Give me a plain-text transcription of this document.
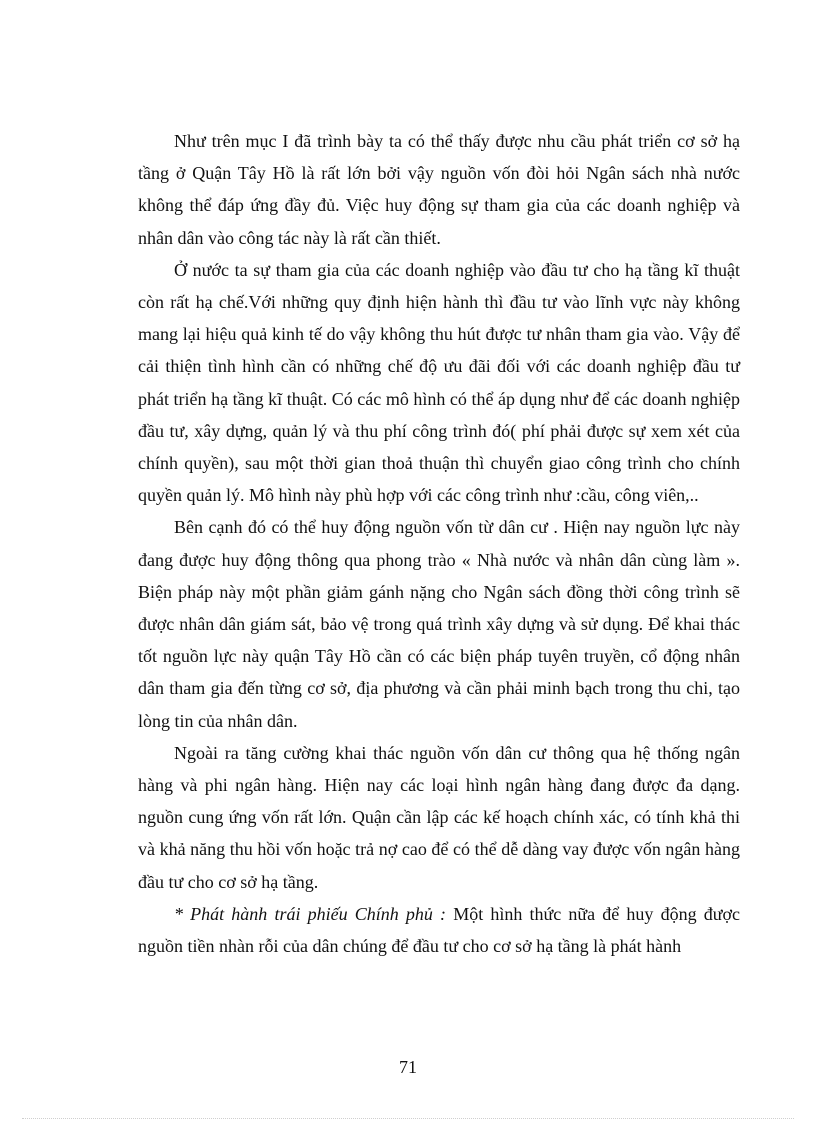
Như trên mục I đã trình bày ta có thể thấy được nhu cầu phát triển cơ sở hạ tầng ở Quận Tây Hồ là rất lớn bởi vậy nguồn vốn đòi hỏi Ngân sách nhà nước không thể đáp ứng đầy đủ. Việc huy động sự tham gia của các doanh nghiệp và nhân dân vào công tác này là rất cần thiết.

Ở nước ta sự tham gia của các doanh nghiệp vào đầu tư cho hạ tầng kĩ thuật còn rất hạ chế.Với những quy định hiện hành thì đầu tư vào lĩnh vực này không mang lại hiệu quả kinh tế do vậy không thu hút được tư nhân tham gia vào. Vậy để cải thiện tình hình cần có những chế độ ưu đãi đối với các doanh nghiệp đầu tư phát triển hạ tầng kĩ thuật. Có các mô hình có thể áp dụng như để các doanh nghiệp đầu tư, xây dựng, quản lý và thu phí công trình đó( phí phải được sự xem xét của chính quyền), sau một thời gian thoả thuận thì chuyển giao công trình cho chính quyền quản lý. Mô hình này phù hợp với các công trình như :cầu, công viên,..

Bên cạnh đó có thể huy động nguồn vốn từ dân cư . Hiện nay nguồn lực này đang được huy động thông qua phong trào « Nhà nước và nhân dân cùng làm ». Biện pháp này một phần giảm gánh nặng cho Ngân sách đồng thời công trình sẽ được nhân dân giám sát, bảo vệ trong quá trình xây dựng và sử dụng. Để khai thác tốt nguồn lực này quận Tây Hồ cần có các biện pháp tuyên truyền, cổ động nhân dân tham gia đến từng cơ sở, địa phương và cần phải minh bạch trong thu chi, tạo lòng tin của nhân dân.

Ngoài ra tăng cường khai thác nguồn vốn dân cư thông qua hệ thống ngân hàng và phi ngân hàng. Hiện nay các loại hình ngân hàng đang được đa dạng. nguồn cung ứng vốn rất lớn. Quận cần lập các kế hoạch chính xác, có tính khả thi và khả năng thu hồi vốn hoặc trả nợ cao để có thể dễ dàng vay được vốn ngân hàng đầu tư cho cơ sở hạ tầng.

* Phát hành trái phiếu Chính phủ : Một hình thức nữa để huy động được nguồn tiền nhàn rỗi của dân chúng để đầu tư cho cơ sở hạ tầng là phát hành

71
